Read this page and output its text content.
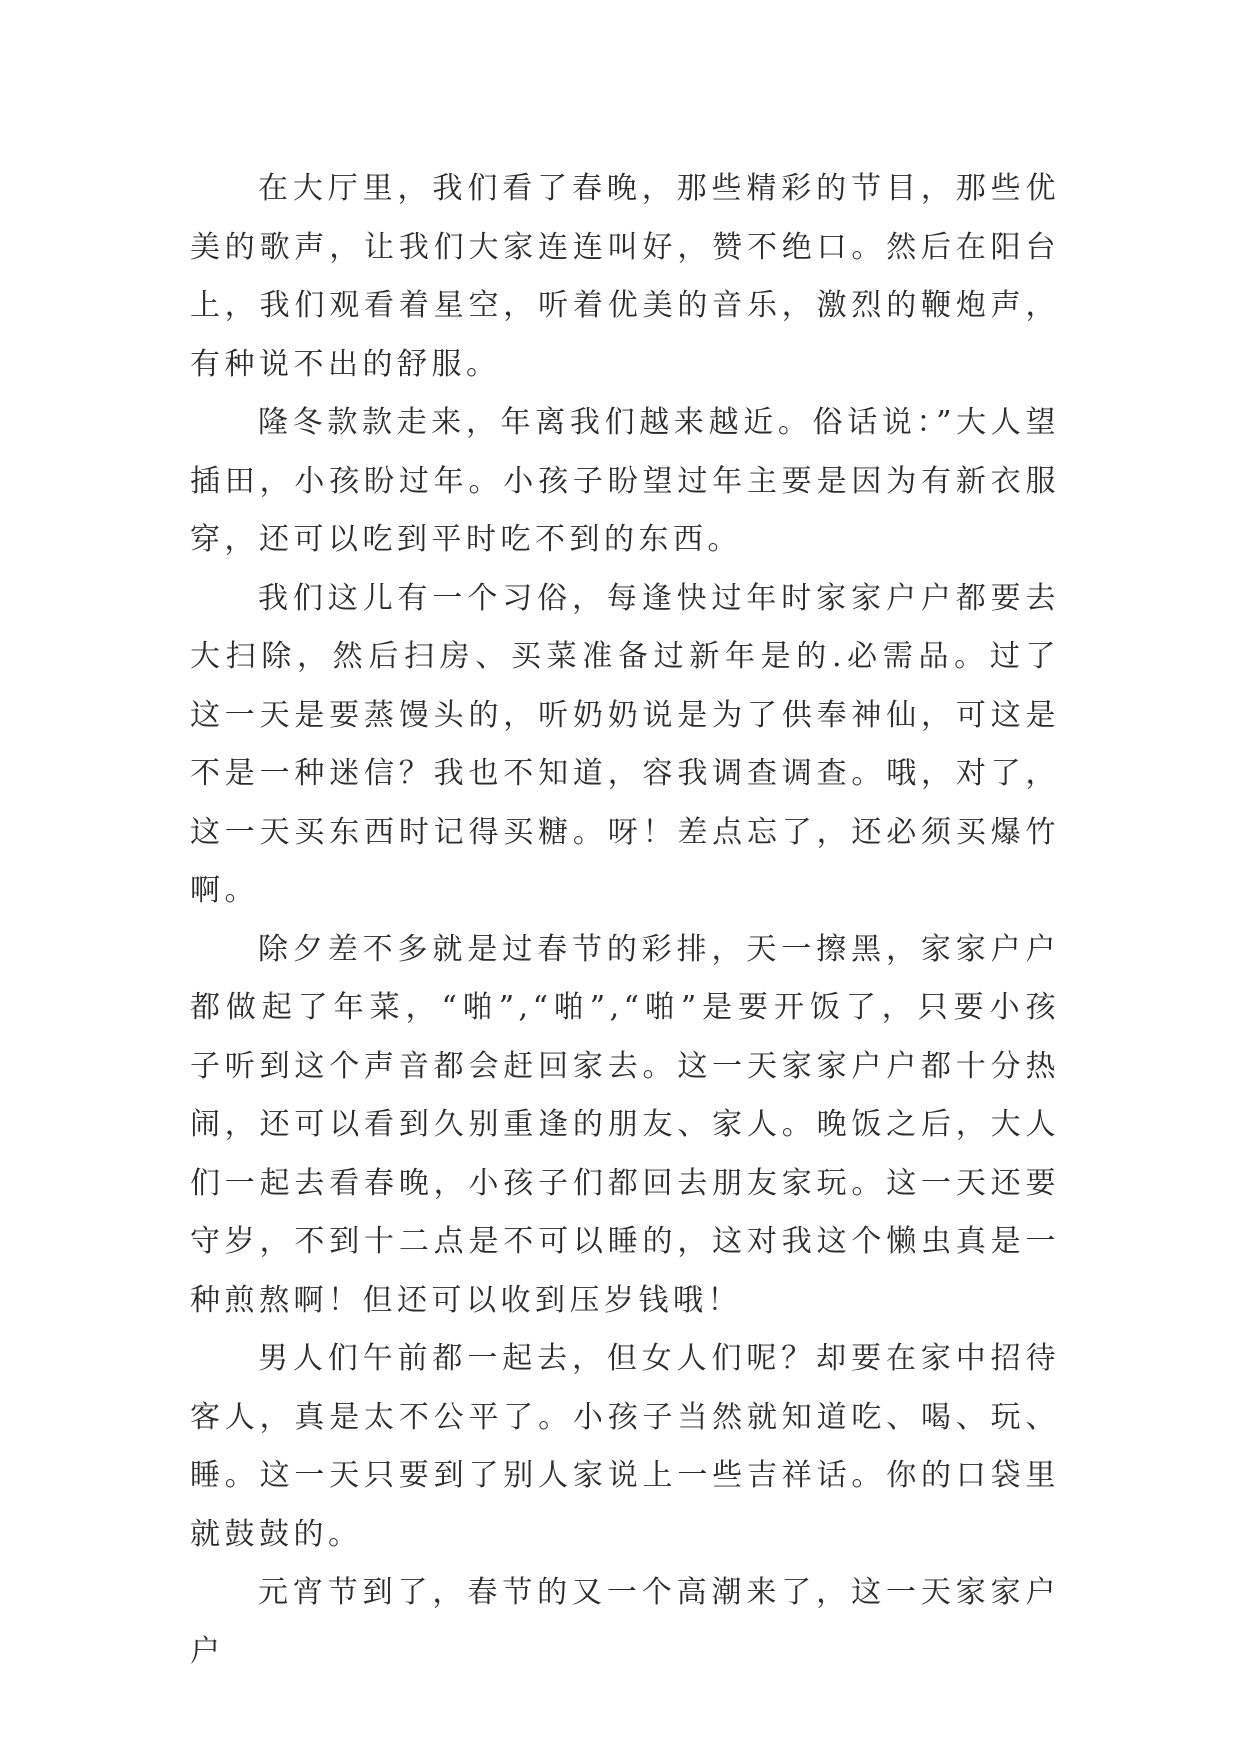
在大厅里，我们看了春晚，那些精彩的节目，那些优美的歌声，让我们大家连连叫好，赞不绝口。然后在阳台上，我们观看着星空，听着优美的音乐，激烈的鞭炮声，有种说不出的舒服。

隆冬款款走来，年离我们越来越近。俗话说：”大人望插田，小孩盼过年。小孩子盼望过年主要是因为有新衣服穿，还可以吃到平时吃不到的东西。

我们这儿有一个习俗，每逢快过年时家家户户都要去大扫除，然后扫房、买菜准备过新年是的.必需品。过了这一天是要蒸馒头的，听奶奶说是为了供奉神仙，可这是不是一种迷信？我也不知道，容我调查调查。哦，对了，这一天买东西时记得买糖。呀！差点忘了，还必须买爆竹啊。

除夕差不多就是过春节的彩排，天一擦黑，家家户户都做起了年菜，“啪”,“啪”,“啪”是要开饭了，只要小孩子听到这个声音都会赶回家去。这一天家家户户都十分热闹，还可以看到久别重逢的朋友、家人。晚饭之后，大人们一起去看春晚，小孩子们都回去朋友家玩。这一天还要守岁，不到十二点是不可以睡的，这对我这个懒虫真是一种煎熬啊！但还可以收到压岁钱哦！

男人们午前都一起去，但女人们呢？却要在家中招待客人，真是太不公平了。小孩子当然就知道吃、喝、玩、睡。这一天只要到了别人家说上一些吉祥话。你的口袋里就鼓鼓的。

元宵节到了，春节的又一个高潮来了，这一天家家户户
